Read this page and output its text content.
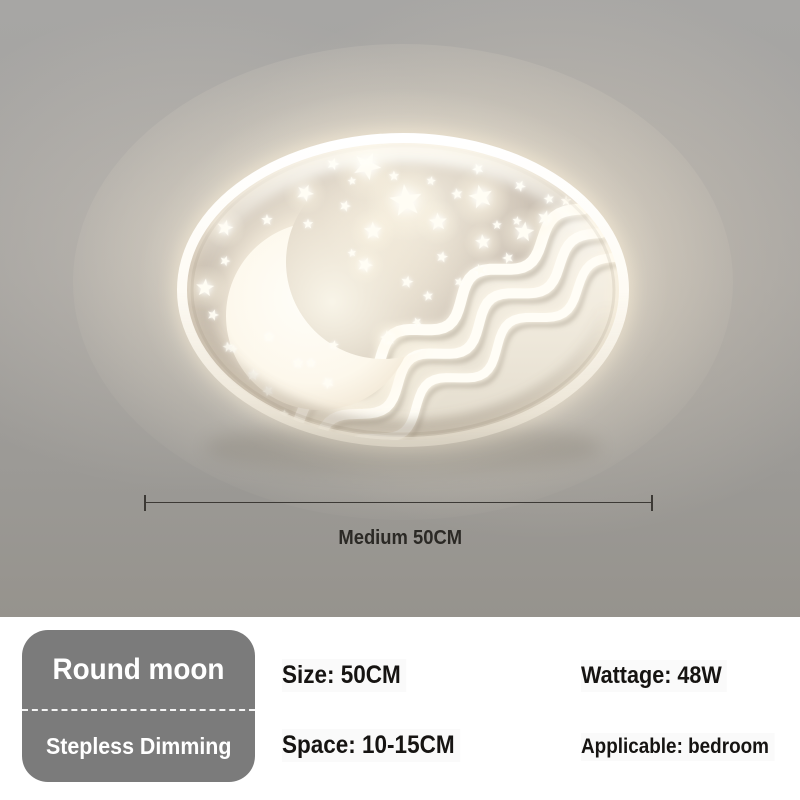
Medium 50CM
Round moon
Stepless Dimming
Size: 50CM
Space: 10-15CM
Wattage: 48W
Applicable: bedroom
